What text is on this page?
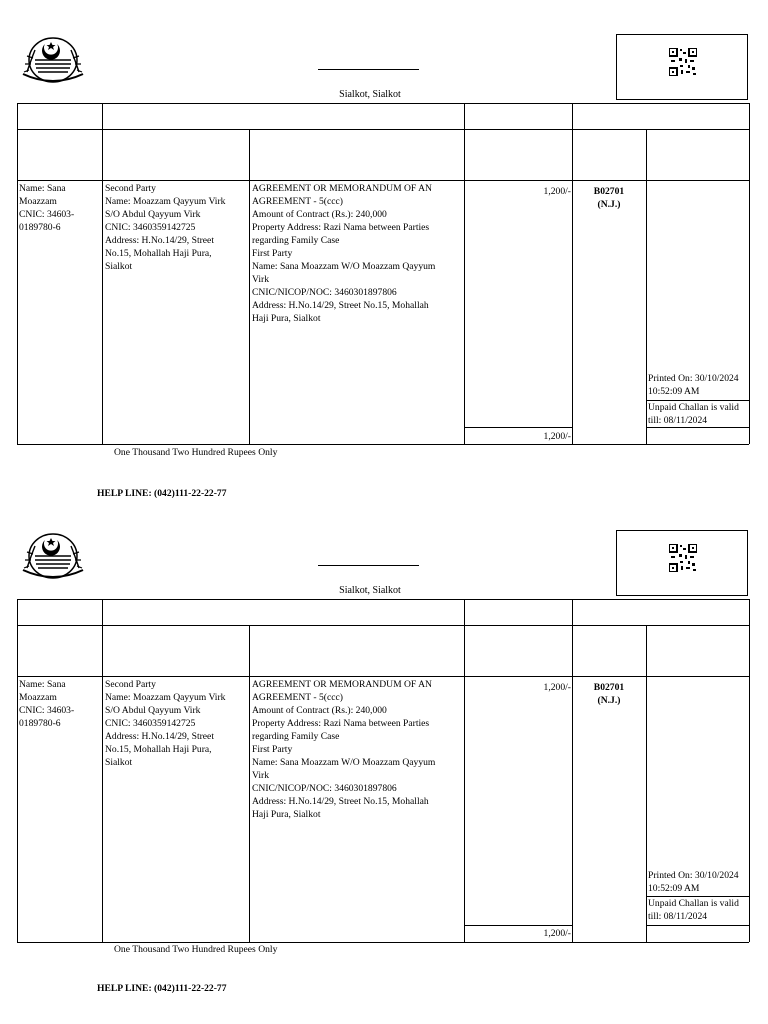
Sialkot, Sialkot
Name: Sana
Moazzam
CNIC: 34603-
0189780-6
Second Party
Name: Moazzam Qayyum Virk
S/O Abdul Qayyum Virk
CNIC: 3460359142725
Address: H.No.14/29, Street
No.15, Mohallah Haji Pura,
Sialkot
AGREEMENT OR MEMORANDUM OF AN
AGREEMENT - 5(ccc)
Amount of Contract (Rs.): 240,000
Property Address: Razi Nama between Parties
regarding Family Case
First Party
Name: Sana Moazzam W/O Moazzam Qayyum
Virk
CNIC/NICOP/NOC: 3460301897806
Address: H.No.14/29, Street No.15, Mohallah
Haji Pura, Sialkot
1,200/-	B02701
(N.J.)
Printed On: 30/10/2024
10:52:09 AM
Unpaid Challan is valid
till: 08/11/2024
1,200/-
One Thousand Two Hundred Rupees Only
HELP LINE: (042)111-22-22-77
Sialkot, Sialkot
Name: Sana
Moazzam
CNIC: 34603-
0189780-6
Second Party
Name: Moazzam Qayyum Virk
S/O Abdul Qayyum Virk
CNIC: 3460359142725
Address: H.No.14/29, Street
No.15, Mohallah Haji Pura,
Sialkot
AGREEMENT OR MEMORANDUM OF AN
AGREEMENT - 5(ccc)
Amount of Contract (Rs.): 240,000
Property Address: Razi Nama between Parties
regarding Family Case
First Party
Name: Sana Moazzam W/O Moazzam Qayyum
Virk
CNIC/NICOP/NOC: 3460301897806
Address: H.No.14/29, Street No.15, Mohallah
Haji Pura, Sialkot
1,200/-	B02701
(N.J.)
Printed On: 30/10/2024
10:52:09 AM
Unpaid Challan is valid
till: 08/11/2024
1,200/-
One Thousand Two Hundred Rupees Only
HELP LINE: (042)111-22-22-77
